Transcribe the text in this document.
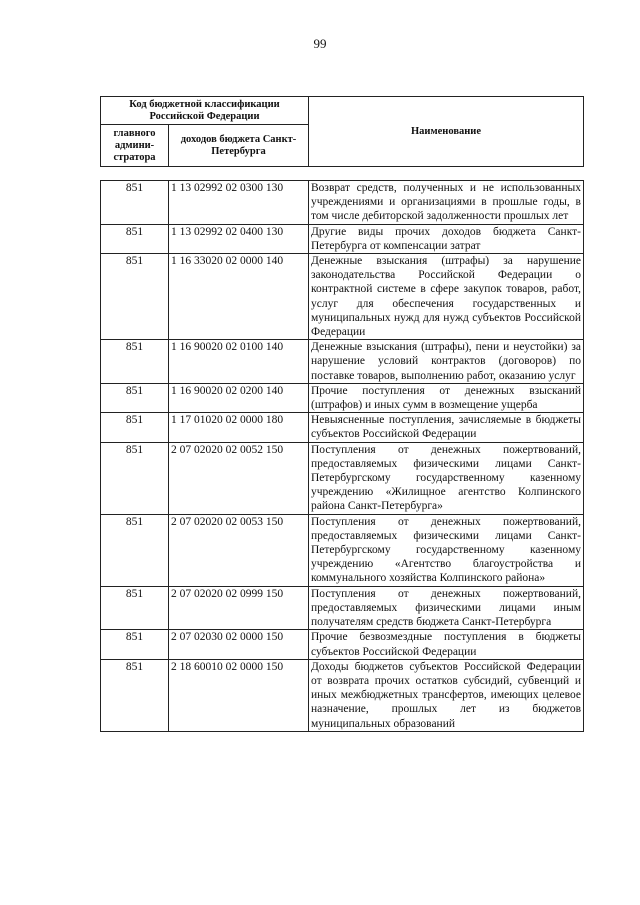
99
Код бюджетной классификации Российской Федерации		Наименование
главного админи-стратора	доходов бюджета Санкт-Петербурга	
851	1 13 02992 02 0300 130	Возврат средств, полученных и не использованных учреждениями и организациями в прошлые годы, в том числе дебиторской задолженности прошлых лет
851	1 13 02992 02 0400 130	Другие виды прочих доходов бюджета Санкт-Петербурга от компенсации затрат
851	1 16 33020 02 0000 140	Денежные взыскания (штрафы) за нарушение законодательства Российской Федерации о контрактной системе в сфере закупок товаров, работ, услуг для обеспечения государственных и муниципальных нужд для нужд субъектов Российской Федерации
851	1 16 90020 02 0100 140	Денежные взыскания (штрафы), пени и неустойки) за нарушение условий контрактов (договоров) по поставке товаров, выполнению работ, оказанию услуг
851	1 16 90020 02 0200 140	Прочие поступления от денежных взысканий (штрафов) и иных сумм в возмещение ущерба
851	1 17 01020 02 0000 180	Невыясненные поступления, зачисляемые в бюджеты субъектов Российской Федерации
851	2 07 02020 02 0052 150	Поступления от денежных пожертвований, предоставляемых физическими лицами Санкт-Петербургскому государственному казенному учреждению «Жилищное агентство Колпинского района Санкт-Петербурга»
851	2 07 02020 02 0053 150	Поступления от денежных пожертвований, предоставляемых физическими лицами Санкт-Петербургскому государственному казенному учреждению «Агентство благоустройства и коммунального хозяйства Колпинского района»
851	2 07 02020 02 0999 150	Поступления от денежных пожертвований, предоставляемых физическими лицами иным получателям средств бюджета Санкт-Петербурга
851	2 07 02030 02 0000 150	Прочие безвозмездные поступления в бюджеты субъектов Российской Федерации
851	2 18 60010 02 0000 150	Доходы бюджетов субъектов Российской Федерации от возврата прочих остатков субсидий, субвенций и иных межбюджетных трансфертов, имеющих целевое назначение, прошлых лет из бюджетов муниципальных образований
